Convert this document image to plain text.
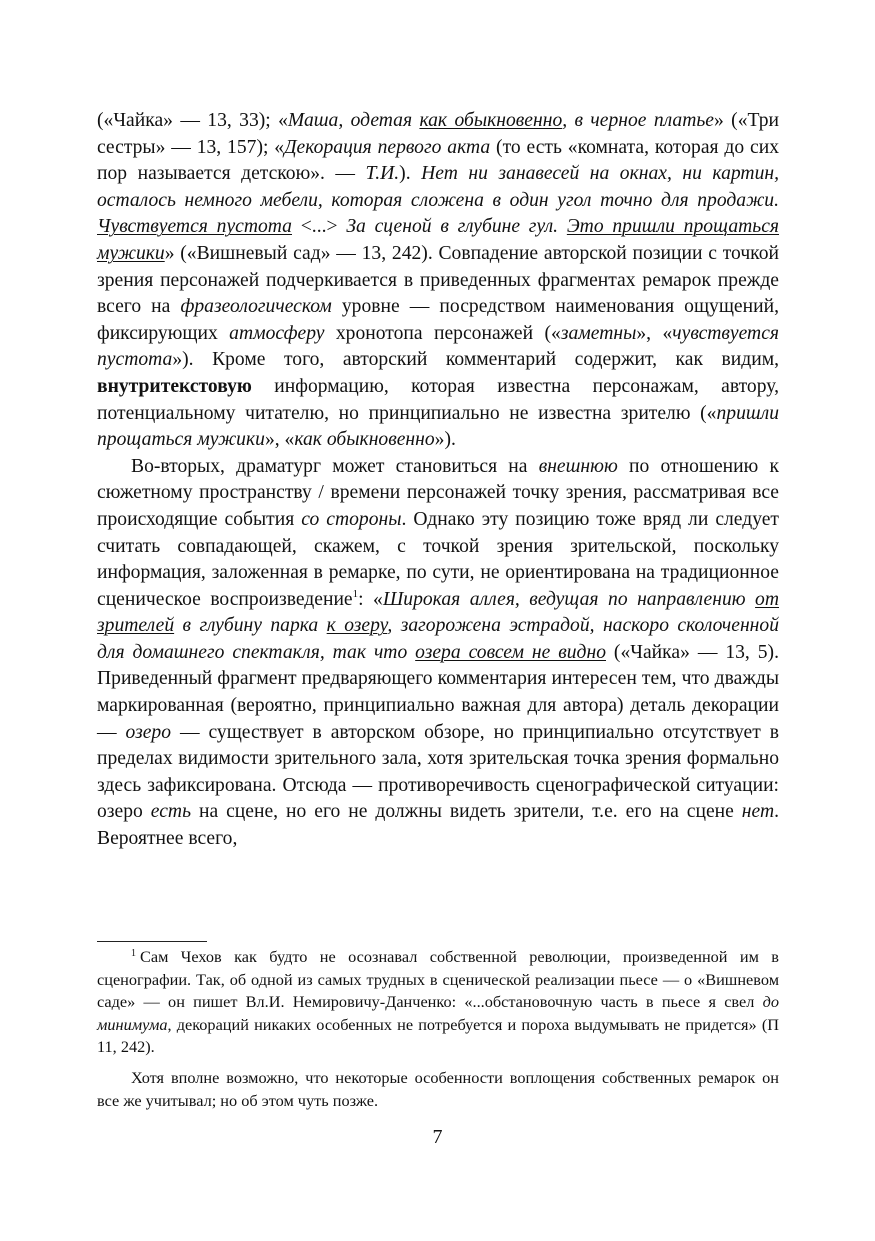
(«Чайка» — 13, 33); «Маша, одетая как обыкновенно, в черное платье» («Три сестры» — 13, 157); «Декорация первого акта (то есть «комната, которая до сих пор называется детскою». — Т.И.). Нет ни занавесей на окнах, ни картин, осталось немного мебели, которая сложена в один угол точно для продажи. Чувствуется пустота <...> За сценой в глубине гул. Это пришли прощаться мужики» («Вишневый сад» — 13, 242). Совпадение авторской позиции с точкой зрения персонажей подчеркивается в приведенных фрагментах ремарок прежде всего на фразеологическом уровне — посредством наименования ощущений, фиксирующих атмосферу хронотопа персонажей («заметны», «чувствуется пустота»). Кроме того, авторский комментарий содержит, как видим, внутритекстовую информацию, которая известна персонажам, автору, потенциальному читателю, но принципиально не известна зрителю («пришли прощаться мужики», «как обыкновенно»).

Во-вторых, драматург может становиться на внешнюю по отношению к сюжетному пространству / времени персонажей точку зрения, рассматривая все происходящие события со стороны. Однако эту позицию тоже вряд ли следует считать совпадающей, скажем, с точкой зрения зрительской, поскольку информация, заложенная в ремарке, по сути, не ориентирована на традиционное сценическое воспроизведение$^1$: «Широкая аллея, ведущая по направлению от зрителей в глубину парка к озеру, загорожена эстрадой, наскоро сколоченной для домашнего спектакля, так что озера совсем не видно («Чайка» — 13, 5). Приведенный фрагмент предваряющего комментария интересен тем, что дважды маркированная (вероятно, принципиально важная для автора) деталь декорации — озеро — существует в авторском обзоре, но принципиально отсутствует в пределах видимости зрительного зала, хотя зрительская точка зрения формально здесь зафиксирована. Отсюда — противоречивость сценографической ситуации: озеро есть на сцене, но его не должны видеть зрители, т.е. его на сцене нет. Вероятнее всего,

$^1$ Сам Чехов как будто не осознавал собственной революции, произведенной им в сценографии. Так, об одной из самых трудных в сценической реализации пьесе — о «Вишневом саде» — он пишет Вл.И. Немировичу-Данченко: «...обстановочную часть в пьесе я свел до минимума, декораций никаких особенных не потребуется и пороха выдумывать не придется» (П 11, 242).

Хотя вполне возможно, что некоторые особенности воплощения собственных ремарок он все же учитывал; но об этом чуть позже.

7
